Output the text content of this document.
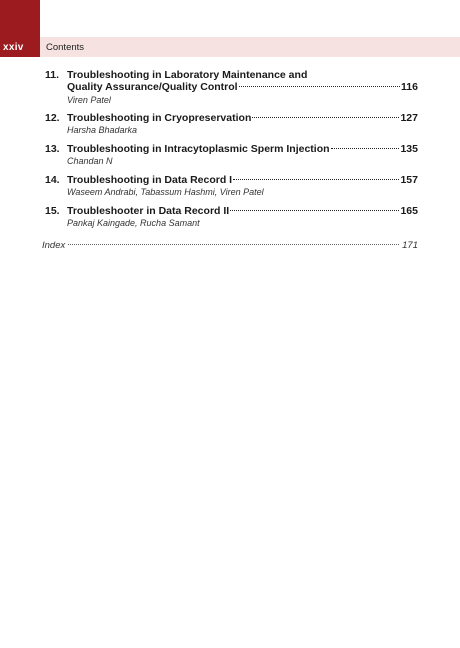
xxiv Contents
11. Troubleshooting in Laboratory Maintenance and
Quality Assurance/Quality Control	116
Viren Patel
12. Troubleshooting in Cryopreservation	127
Harsha Bhadarka
13. Troubleshooting in Intracytoplasmic Sperm Injection	135
Chandan N
14. Troubleshooting in Data Record I	157
Waseem Andrabi, Tabassum Hashmi, Viren Patel
15. Troubleshooter in Data Record II	165
Pankaj Kaingade, Rucha Samant
Index	171
